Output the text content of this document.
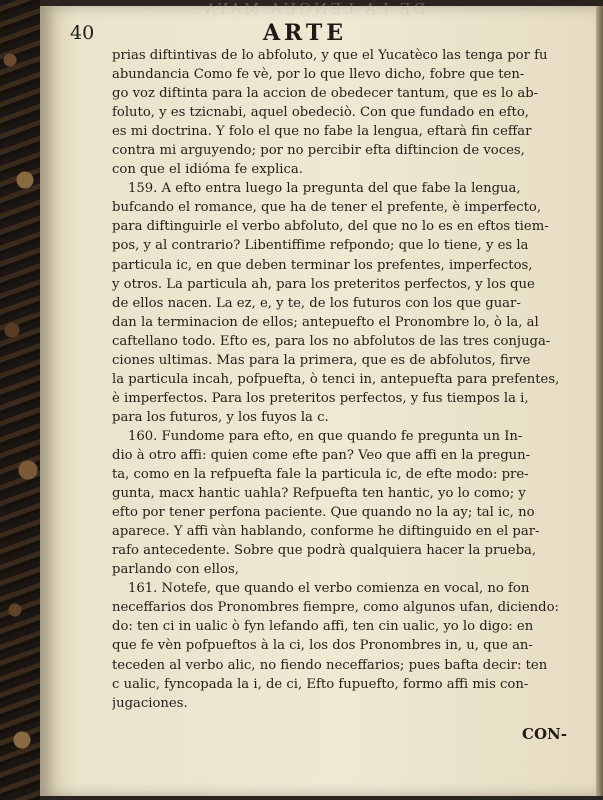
DE LA LENGUA MAYA.
40	ARTE
prias diftintivas de lo abfoluto, y que el Yucatèco las tenga por fu
abundancia Como fe vè, por lo que llevo dicho, fobre que ten-
go voz diftinta para la accion de obedecer tantum, que es lo ab-
foluto, y es tzicnabi, aquel obedeciò. Con que fundado en efto,
es mi doctrina. Y folo el que no fabe la lengua, eftarà fin ceffar
contra mi arguyendo; por no percibir efta diftincion de voces,
con que el idióma fe explica.
159. A efto entra luego la pregunta del que fabe la lengua,
bufcando el romance, que ha de tener el prefente, è imperfecto,
para diftinguirle el verbo abfoluto, del que no lo es en eftos tiem-
pos, y al contrario? Libentiffime refpondo; que lo tiene, y es la
particula ic, en que deben terminar los prefentes, imperfectos,
y otros. La particula ah, para los preteritos perfectos, y los que
de ellos nacen. La ez, e, y te, de los futuros con los que guar-
dan la terminacion de ellos; antepuefto el Pronombre lo, ò la, al
caftellano todo. Efto es, para los no abfolutos de las tres conjuga-
ciones ultimas. Mas para la primera, que es de abfolutos, firve
la particula incah, pofpuefta, ò tenci in, antepuefta para prefentes,
è imperfectos. Para los preteritos perfectos, y fus tiempos la i,
para los futuros, y los fuyos la c.
160. Fundome para efto, en que quando fe pregunta un In-
dio à otro affi: quien come efte pan? Veo que affi en la pregun-
ta, como en la refpuefta fale la particula ic, de efte modo: pre-
gunta, macx hantic uahla? Refpuefta ten hantic, yo lo como; y
efto por tener perfona paciente. Que quando no la ay; tal ic, no
aparece. Y affi vàn hablando, conforme he diftinguido en el par-
rafo antecedente. Sobre que podrà qualquiera hacer la prueba,
parlando con ellos,
161. Notefe, que quando el verbo comienza en vocal, no fon
neceffarios dos Pronombres fiempre, como algunos ufan, diciendo:
do: ten ci in ualic ò fyn lefando affi, ten cin ualic, yo lo digo: en
que fe vèn pofpueftos à la ci, los dos Pronombres in, u, que an-
teceden al verbo alic, no fiendo neceffarios; pues bafta decir: ten
c ualic, fyncopada la i, de ci, Efto fupuefto, formo affi mis con-
jugaciones.
CON-
